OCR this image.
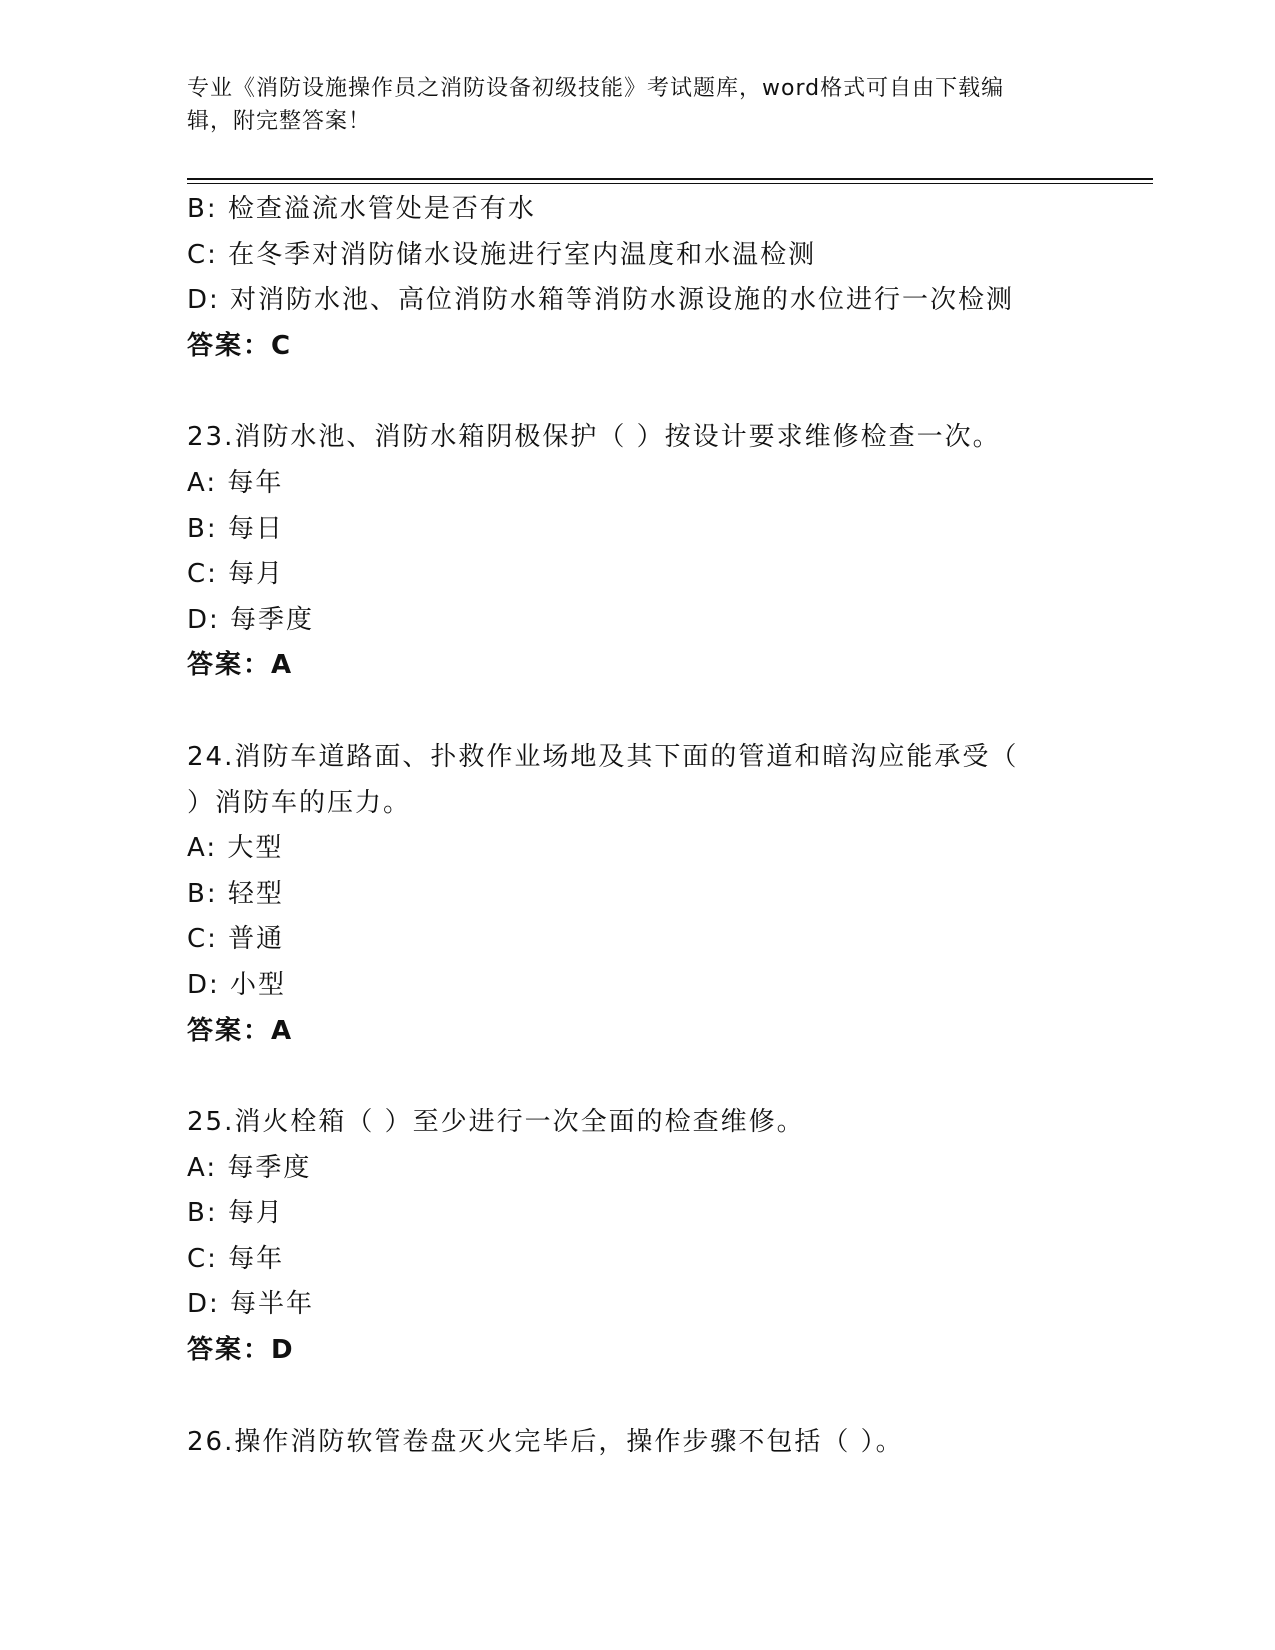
专业《消防设施操作员之消防设备初级技能》考试题库，word格式可自由下载编
辑，附完整答案！
B: 检查溢流水管处是否有水
C: 在冬季对消防储水设施进行室内温度和水温检测
D: 对消防水池、高位消防水箱等消防水源设施的水位进行一次检测
答案：C
23.消防水池、消防水箱阴极保护（ ）按设计要求维修检查一次。
A: 每年
B: 每日
C: 每月
D: 每季度
答案：A
24.消防车道路面、扑救作业场地及其下面的管道和暗沟应能承受（
）消防车的压力。
A: 大型
B: 轻型
C: 普通
D: 小型
答案：A
25.消火栓箱（ ）至少进行一次全面的检查维修。
A: 每季度
B: 每月
C: 每年
D: 每半年
答案：D
26.操作消防软管卷盘灭火完毕后，操作步骤不包括（ ）。
